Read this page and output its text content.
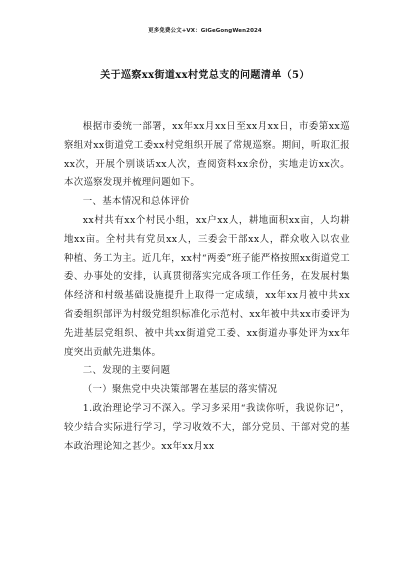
更多免费公文+VX：GiGeGongWen2024
关于巡察xx街道xx村党总支的问题清单（5）

根据市委统一部署，xx年xx月xx日至xx月xx日，市委第xx巡察组对xx街道党工委xx村党组织开展了常规巡察。期间，听取汇报xx次，开展个别谈话xx人次，查阅资料xx余份，实地走访xx次。本次巡察发现并梳理问题如下。

一、基本情况和总体评价

xx村共有xx个村民小组，xx户xx人，耕地面积xx亩，人均耕地xx亩。全村共有党员xx人，三委会干部xx人，群众收入以农业种植、务工为主。近几年，xx村“两委”班子能严格按照xx街道党工委、办事处的安排，认真贯彻落实完成各项工作任务，在发展村集体经济和村级基础设施提升上取得一定成绩，xx年xx月被中共xx省委组织部评为村级党组织标准化示范村、xx年被中共xx市委评为先进基层党组织、被中共xx街道党工委、xx街道办事处评为xx年度突出贡献先进集体。

二、发现的主要问题

（一）聚焦党中央决策部署在基层的落实情况

1.政治理论学习不深入。学习多采用“我读你听，我说你记”，较少结合实际进行学习，学习收效不大，部分党员、干部对党的基本政治理论知之甚少。xx年xx月xx
